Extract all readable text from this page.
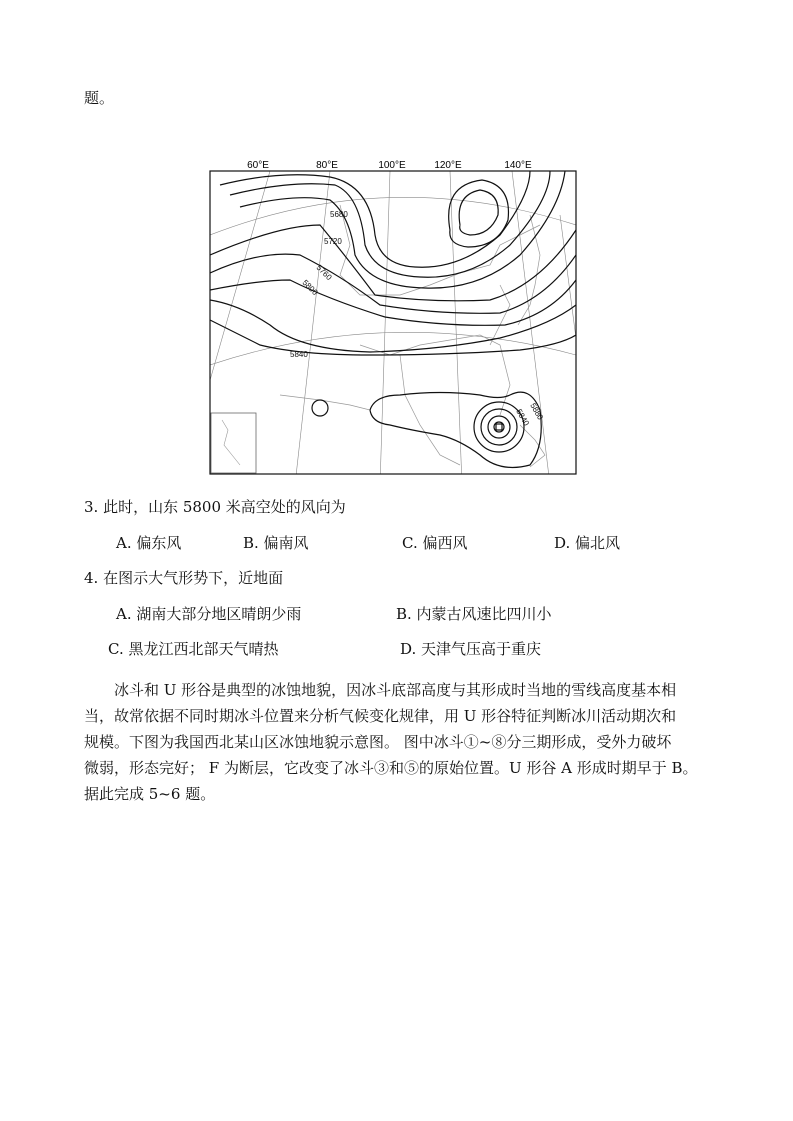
题。
60°E	80°E	100°E	120°E	140°E
5680
5720
5760
5800
5840
5840
5880
3. 此时，山东 5800 米高空处的风向为
A. 偏东风	B. 偏南风	C. 偏西风	D. 偏北风
4. 在图示大气形势下，近地面
A. 湖南大部分地区晴朗少雨	B. 内蒙古风速比四川小
C. 黑龙江西北部天气晴热	D. 天津气压高于重庆
冰斗和 U 形谷是典型的冰蚀地貌，因冰斗底部高度与其形成时当地的雪线高度基本相
当，故常依据不同时期冰斗位置来分析气候变化规律，用 U 形谷特征判断冰川活动期次和
规模。下图为我国西北某山区冰蚀地貌示意图。 图中冰斗①~⑧分三期形成，受外力破坏
微弱，形态完好； F 为断层，它改变了冰斗③和⑤的原始位置。U 形谷 A 形成时期早于 B。
据此完成 5~6 题。
